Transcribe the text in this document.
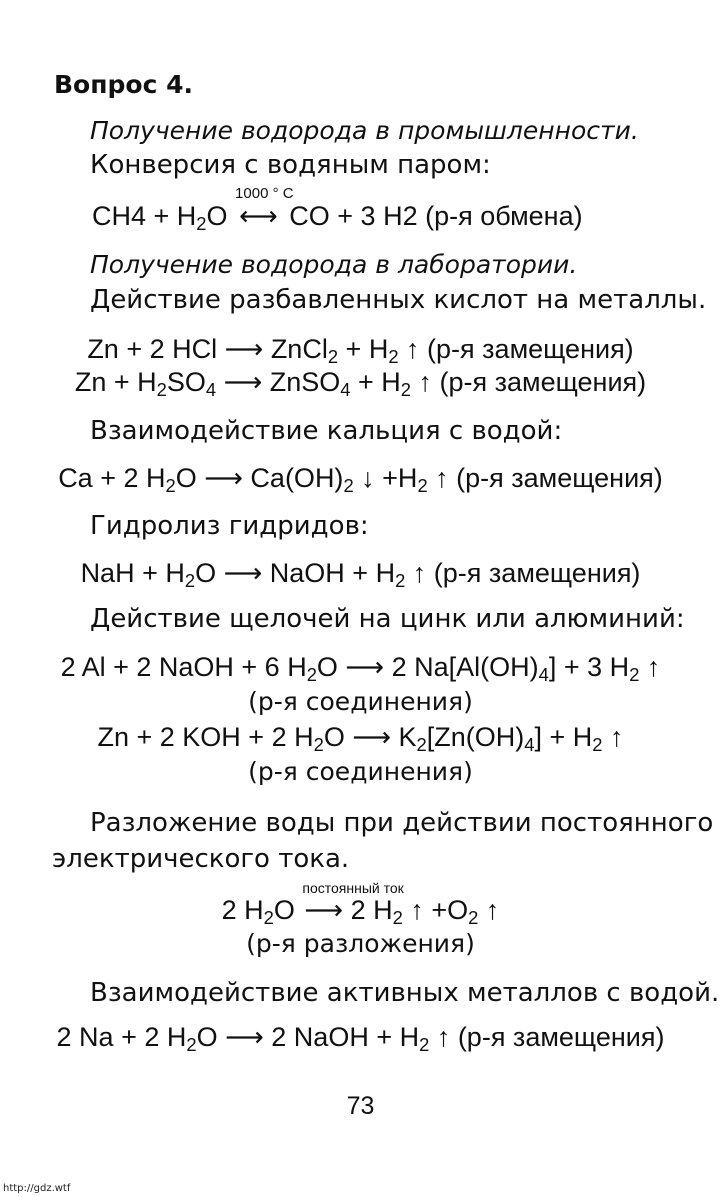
Вопрос 4.
Получение водорода в промышленности.
Конверсия с водяным паром:
$CH4 + H_2O$
1000 ° C
⟷ CO + 3 H2 (р-я обмена)
Получение водорода в лаборатории.
Действие разбавленных кислот на металлы.
Zn + 2 HCl ⟶ ZnCl$_2$ + $H_2$ ↑ (р-я замещения)
$Zn + H_2SO_4$ ⟶ ZnSO$_4$ + $H_2$ ↑ (р-я замещения)
Взаимодействие кальция с водой:
Ca + 2 $H_2O$ ⟶ $Ca(OH)_2$ ↓ $+H_2$ ↑ (р-я замещения)
Гидролиз гидридов:
NaH + $H_2O$ ⟶ NaOH + $H_2$ ↑ (р-я замещения)
Действие щелочей на цинк или алюминий:
2 Al + 2 NaOH + 6 $H_2O$ ⟶ 2 $Na[Al(OH)_4] + 3$ $H_2$ ↑
(р-я соединения)
Zn + 2 KOH + 2 $H_2O$ ⟶ $K_2[Zn(OH)_4] + H_2$ ↑
(р-я соединения)
Разложение воды при действии постоянного
электрического тока.
2 $H_2O$
постоянный ток
⟶ 2 $H_2$ ↑ $+O_2$ ↑
(р-я разложения)
Взаимодействие активных металлов с водой.
2 Na + 2 $H_2O$ ⟶ 2 NaOH + $H_2$ ↑ (р-я замещения)
73
http://gdz.wtf
